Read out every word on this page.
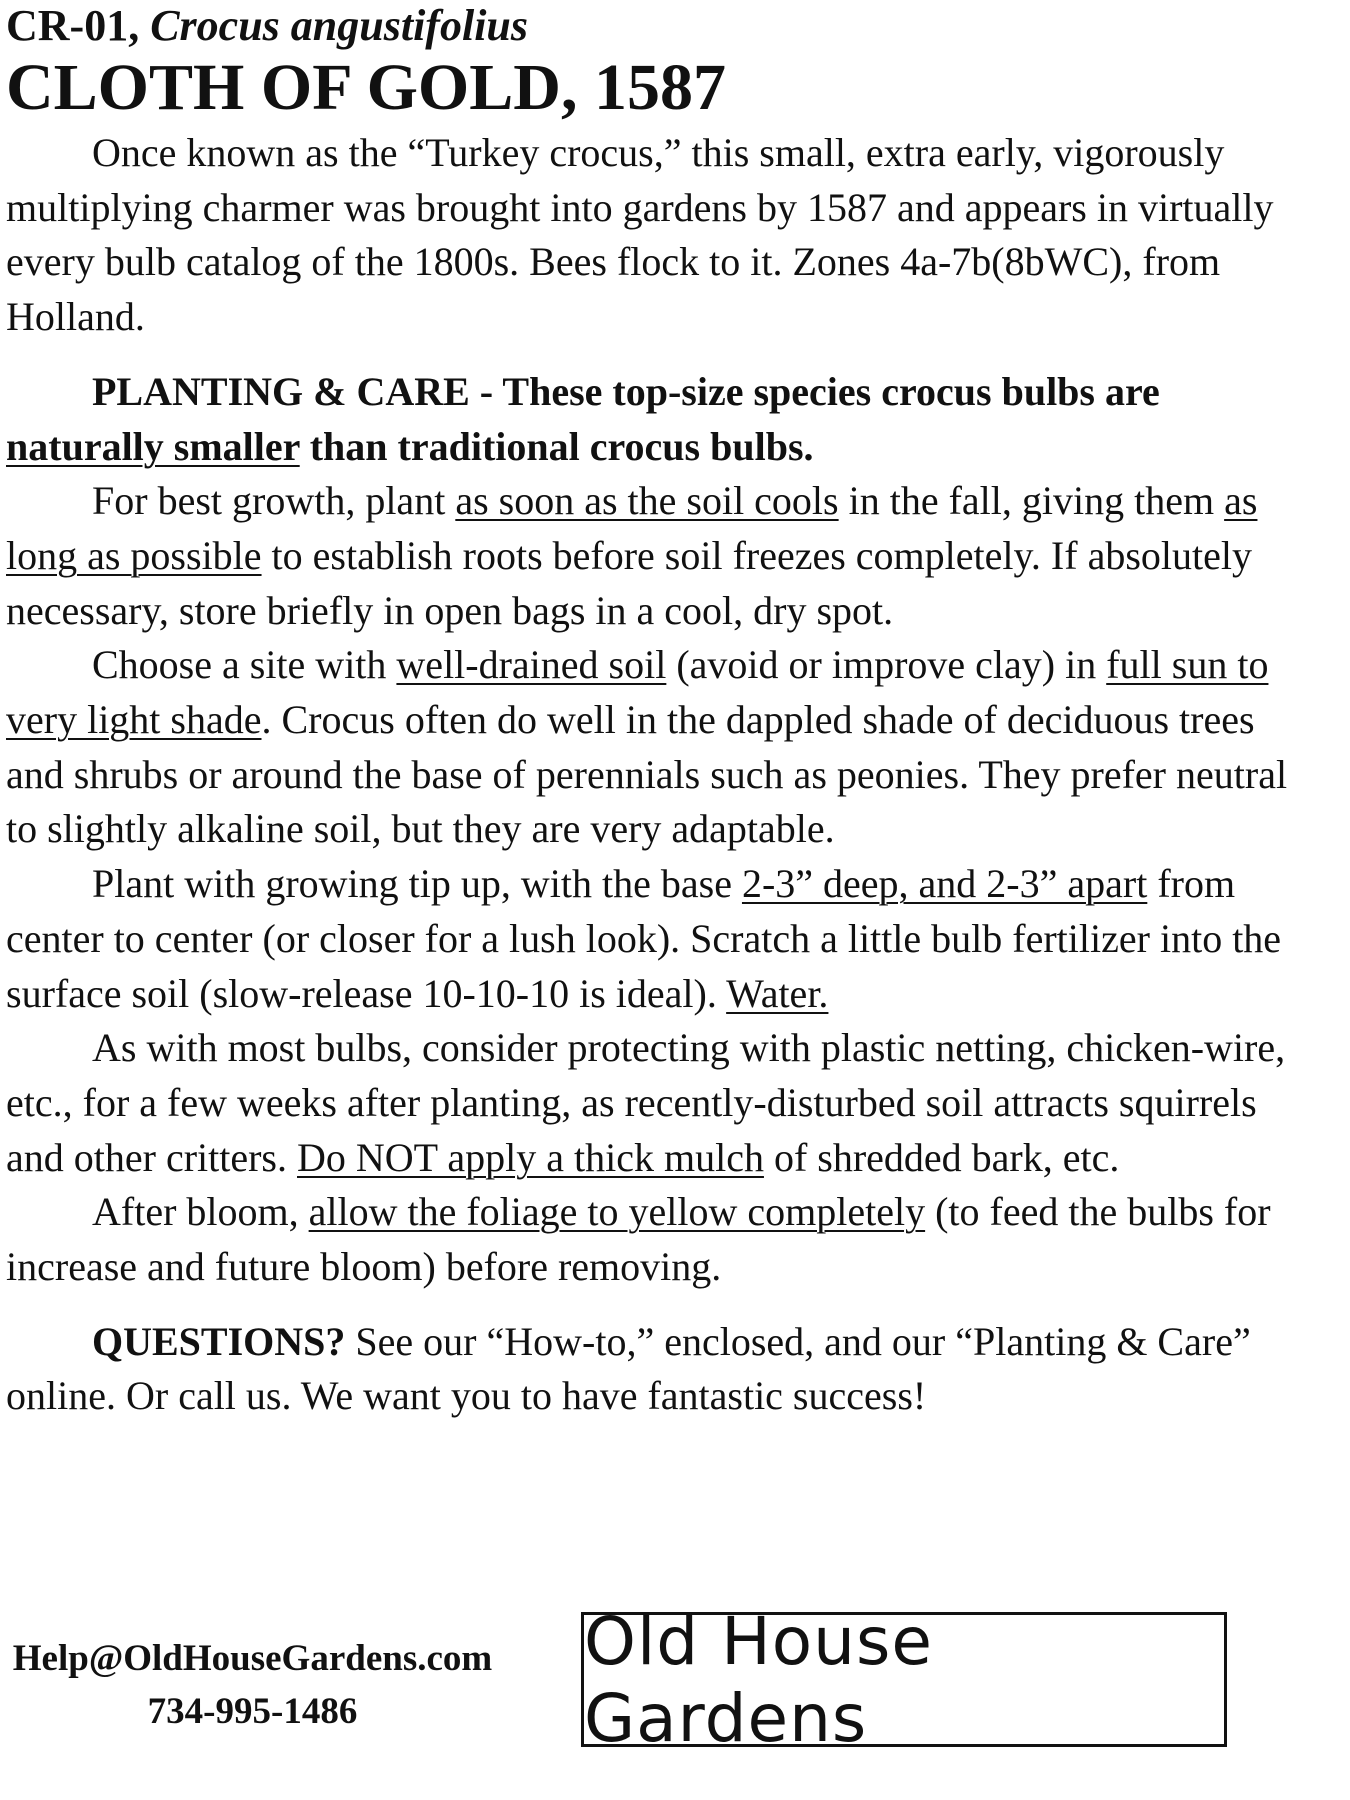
CR-01, Crocus angustifolius
CLOTH OF GOLD, 1587

Once known as the “Turkey crocus,” this small, extra early, vigorously multiplying charmer was brought into gardens by 1587 and appears in virtually every bulb catalog of the 1800s. Bees flock to it. Zones 4a-7b(8bWC), from Holland.

PLANTING & CARE - These top-size species crocus bulbs are naturally smaller than traditional crocus bulbs.

For best growth, plant as soon as the soil cools in the fall, giving them as long as possible to establish roots before soil freezes completely. If absolutely necessary, store briefly in open bags in a cool, dry spot.

Choose a site with well-drained soil (avoid or improve clay) in full sun to very light shade. Crocus often do well in the dappled shade of deciduous trees and shrubs or around the base of perennials such as peonies. They prefer neutral to slightly alkaline soil, but they are very adaptable.

Plant with growing tip up, with the base 2-3” deep, and 2-3” apart from center to center (or closer for a lush look). Scratch a little bulb fertilizer into the surface soil (slow-release 10-10-10 is ideal). Water.

As with most bulbs, consider protecting with plastic netting, chicken-wire, etc., for a few weeks after planting, as recently-disturbed soil attracts squirrels and other critters. Do NOT apply a thick mulch of shredded bark, etc.

After bloom, allow the foliage to yellow completely (to feed the bulbs for increase and future bloom) before removing.

QUESTIONS? See our “How-to,” enclosed, and our “Planting & Care” online. Or call us. We want you to have fantastic success!

Help@OldHouseGardens.com
734-995-1486
Old House Gardens
